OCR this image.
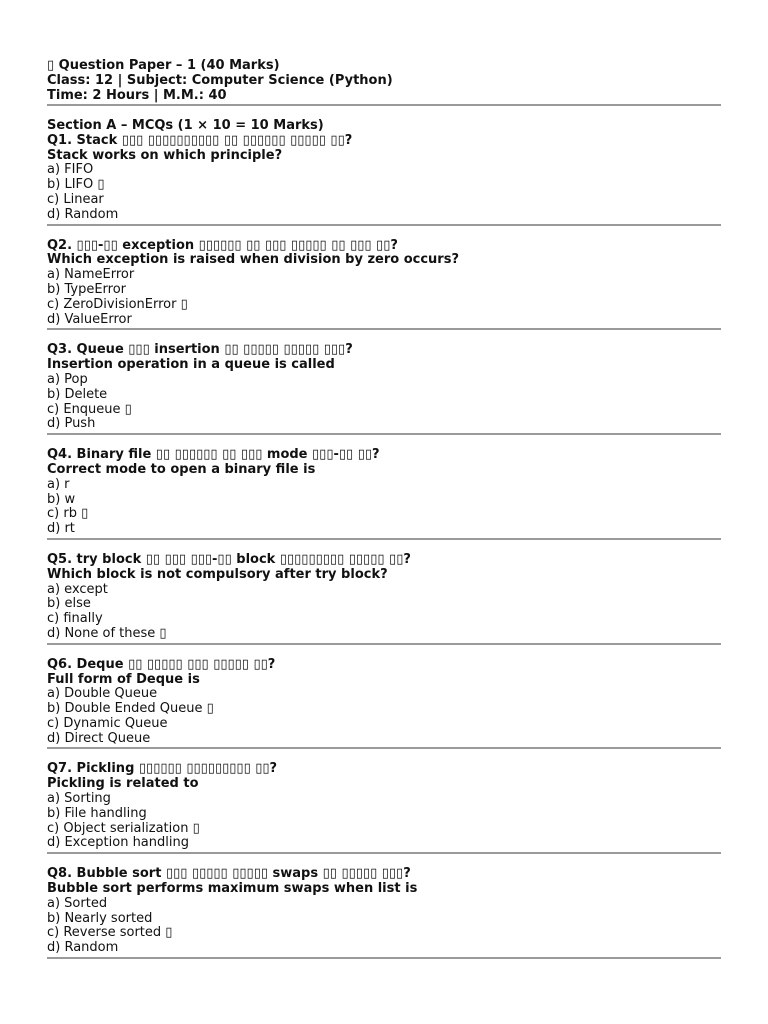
▯ Question Paper – 1 (40 Marks)
Class: 12 | Subject: Computer Science (Python)
Time: 2 Hours | M.M.: 40
Section A – MCQs (1 × 10 = 10 Marks)
Q1. Stack ▯▯▯ ▯▯▯▯▯▯▯▯▯▯ ▯▯ ▯▯▯▯▯▯ ▯▯▯▯▯ ▯▯?
Stack works on which principle?
a) FIFO
b) LIFO ▯
c) Linear
d) Random
Q2. ▯▯▯-▯▯ exception ▯▯▯▯▯▯ ▯▯ ▯▯▯ ▯▯▯▯▯ ▯▯ ▯▯▯ ▯▯?
Which exception is raised when division by zero occurs?
a) NameError
b) TypeError
c) ZeroDivisionError ▯
d) ValueError
Q3. Queue ▯▯▯ insertion ▯▯ ▯▯▯▯▯ ▯▯▯▯▯ ▯▯▯?
Insertion operation in a queue is called
a) Pop
b) Delete
c) Enqueue ▯
d) Push
Q4. Binary file ▯▯ ▯▯▯▯▯▯ ▯▯ ▯▯▯ mode ▯▯▯-▯▯ ▯▯?
Correct mode to open a binary file is
a) r
b) w
c) rb ▯
d) rt
Q5. try block ▯▯ ▯▯▯ ▯▯▯-▯▯ block ▯▯▯▯▯▯▯▯▯ ▯▯▯▯▯ ▯▯?
Which block is not compulsory after try block?
a) except
b) else
c) finally
d) None of these ▯
Q6. Deque ▯▯ ▯▯▯▯▯ ▯▯▯ ▯▯▯▯▯ ▯▯?
Full form of Deque is
a) Double Queue
b) Double Ended Queue ▯
c) Dynamic Queue
d) Direct Queue
Q7. Pickling ▯▯▯▯▯▯ ▯▯▯▯▯▯▯▯▯ ▯▯?
Pickling is related to
a) Sorting
b) File handling
c) Object serialization ▯
d) Exception handling
Q8. Bubble sort ▯▯▯ ▯▯▯▯▯ ▯▯▯▯▯ swaps ▯▯ ▯▯▯▯▯ ▯▯▯?
Bubble sort performs maximum swaps when list is
a) Sorted
b) Nearly sorted
c) Reverse sorted ▯
d) Random
